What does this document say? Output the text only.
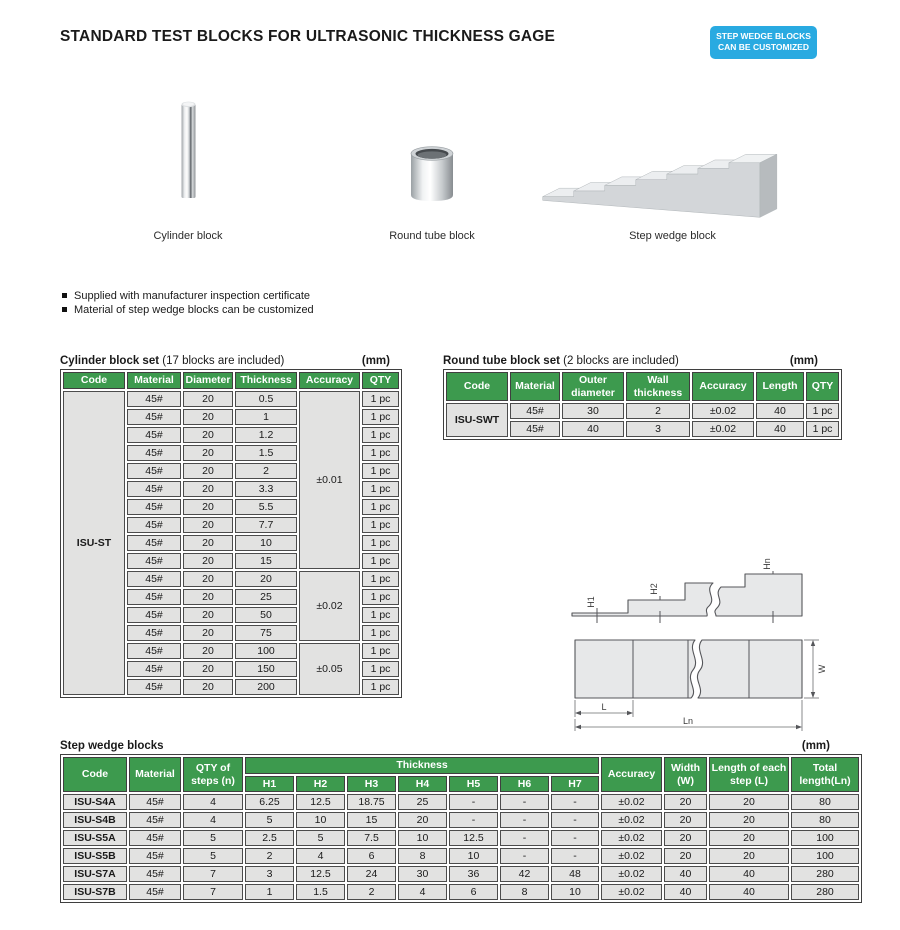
STANDARD TEST BLOCKS FOR ULTRASONIC THICKNESS GAGE	STEP WEDGE BLOCKS
CAN BE CUSTOMIZED
Cylinder block	Round tube block	Step wedge block
Supplied with manufacturer inspection certificate
Material of step wedge blocks can be customized
Cylinder block set (17 blocks are included)	(mm)
Code	Material	Diameter	Thickness	Accuracy	QTY
ISU-ST	45#	20	0.5	±0.01	1 pc
	45#	20	1		1 pc
	45#	20	1.2		1 pc
	45#	20	1.5		1 pc
	45#	20	2		1 pc
	45#	20	3.3		1 pc
	45#	20	5.5		1 pc
	45#	20	7.7		1 pc
	45#	20	10		1 pc
	45#	20	15		1 pc
	45#	20	20	±0.02	1 pc
	45#	20	25		1 pc
	45#	20	50		1 pc
	45#	20	75		1 pc
	45#	20	100	±0.05	1 pc
	45#	20	150		1 pc
	45#	20	200		1 pc
Round tube block set (2 blocks are included)	(mm)
Code	Material	Outer diameter	Wall thickness	Accuracy	Length	QTY
ISU-SWT	45#	30	2	±0.02	40	1 pc
	45#	40	3	±0.02	40	1 pc
H1
H2
Hn
W
L
Ln
Step wedge blocks	(mm)
Code	Material	QTY of steps (n)	Thickness							Accuracy	Width (W)	Length of each step (L)	Total length(Ln)
			H1	H2	H3	H4	H5	H6	H7				
ISU-S4A	45#	4	6.25	12.5	18.75	25	-	-	-	±0.02	20	20	80
ISU-S4B	45#	4	5	10	15	20	-	-	-	±0.02	20	20	80
ISU-S5A	45#	5	2.5	5	7.5	10	12.5	-	-	±0.02	20	20	100
ISU-S5B	45#	5	2	4	6	8	10	-	-	±0.02	20	20	100
ISU-S7A	45#	7	3	12.5	24	30	36	42	48	±0.02	40	40	280
ISU-S7B	45#	7	1	1.5	2	4	6	8	10	±0.02	40	40	280
